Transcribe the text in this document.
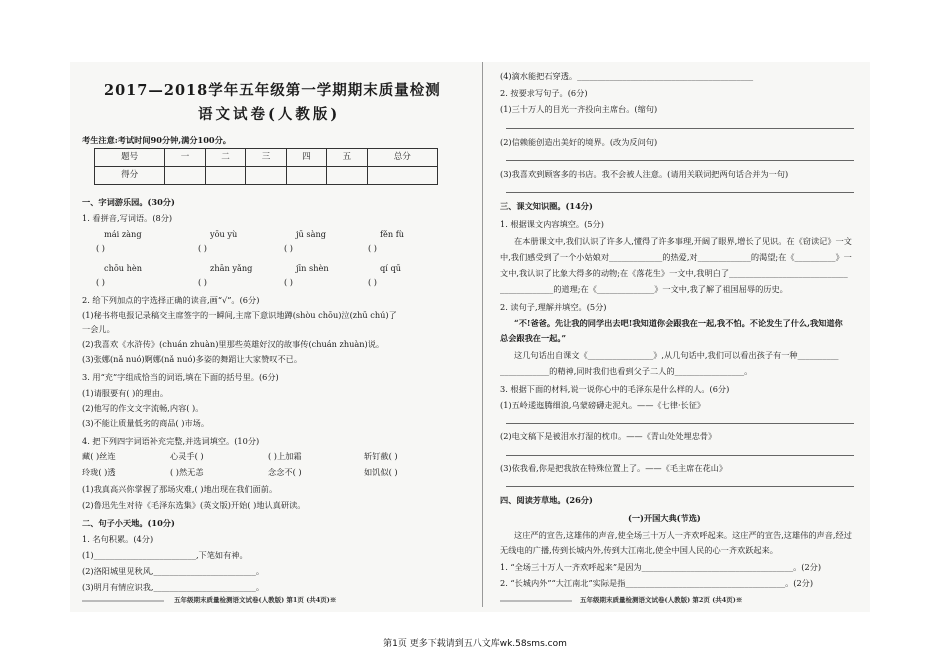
2017—2018学年五年级第一学期期末质量检测
语文试卷(人教版)
考生注意:考试时间90分钟,满分100分。
题号	一	二	三	四	五	总分
得分						
一、字词游乐园。(30分)
1. 看拼音,写词语。(8分)
mái zàng	yōu yù	jū sàng	fěn fù
( )	( )	( )	( )
chōu hèn	zhān yǎng	jīn shèn	qí qū
( )	( )	( )	( )
2. 给下列加点的字选择正确的读音,画“√”。(6分)
(1)秘书将电报记录稿交主席签字的一瞬间,主席下意识地蹲(shòu chōu)泣(zhū chú)了
一会儿。
(2)我喜欢《水浒传》(chuán zhuàn)里那些英雄好汉的故事传(chuán zhuàn)说。
(3)张娜(nǎ nuó)婀娜(nǎ nuó)多姿的舞蹈让大家赞叹不已。
3. 用“充”字组成恰当的词语,填在下面的括号里。(6分)
(1)请服要有( )的理由。
(2)他写的作文文字流畅,内容( )。
(3)不能让质量低劣的商品( )市场。
4. 把下列四字词语补充完整,并选词填空。(10分)
藏( )丝连	心灵手( )	( )上加霜	斩钉截( )
玲珑( )透	( )然无恙	念念不( )	如饥似( )
(1)我真高兴你掌握了那场灾难,( )地出现在我们面前。
(2)鲁迅先生对待《毛泽东选集》(英文版)开始( )地认真研读。
二、句子小天地。(10分)
1. 名句积累。(4分)
(1)_________________________,下笔如有神。
(2)洛阳城里见秋风,_________________________。
(3)明月有情应识我,_________________________。
五年级期末质量检测语文试卷(人教版) 第1页 (共4页)※
(4)滴水能把石穿透。___________________________________________
2. 按要求写句子。(6分)
(1)三十万人的目光一齐投向主席台。(缩句)
(2)信赖能创造出美好的境界。(改为反问句)
(3)我喜欢到顾客多的书店。我不会被人注意。(请用关联词把两句话合并为一句)
三、课文知识圈。(14分)
1. 根据课文内容填空。(5分)
在本册课文中,我们认识了许多人,懂得了许多事理,开阔了眼界,增长了见识。在《窃读记》一文
中,我们感受到了一个小姑娘对_____________的热爱,对_____________的渴望;在《__________》一
文中,我认识了比象大得多的动物;在《落花生》一文中,我明白了_____________________________
_____________的道理;在《______________》一文中,我了解了祖国屈辱的历史。
2. 读句子,理解并填空。(5分)
“不!爸爸。先让我的同学出去吧!我知道你会跟我在一起,我不怕。不论发生了什么,我知道你
总会跟我在一起。”
这几句话出自课文《________________》,从几句话中,我们可以看出孩子有一种__________
____________的精神,同时我们也看到父子二人的_________________。
3. 根据下面的材料,说一说你心中的毛泽东是什么样的人。(6分)
(1)五岭逶迤腾细浪,乌蒙磅礴走泥丸。——《七律·长征》
(2)电文稿下是被泪水打湿的枕巾。——《青山处处埋忠骨》
(3)依我看,你是把我放在特殊位置上了。——《毛主席在花山》
四、阅读芳草地。(26分)
(一)开国大典(节选)
这庄严的宣告,这雄伟的声音,使全场三十万人一齐欢呼起来。这庄严的宣告,这雄伟的声音,经过
无线电的广播,传到长城内外,传到大江南北,使全中国人民的心一齐欢跃起来。
1. “全场三十万人一齐欢呼起来”是因为_____________________________________。(2分)
2. “长城内外”“大江南北”实际是指_______________________________________。(2分)
五年级期末质量检测语文试卷(人教版) 第2页 (共4页)※
第1页 更多下载请到五八文库wk.58sms.com
